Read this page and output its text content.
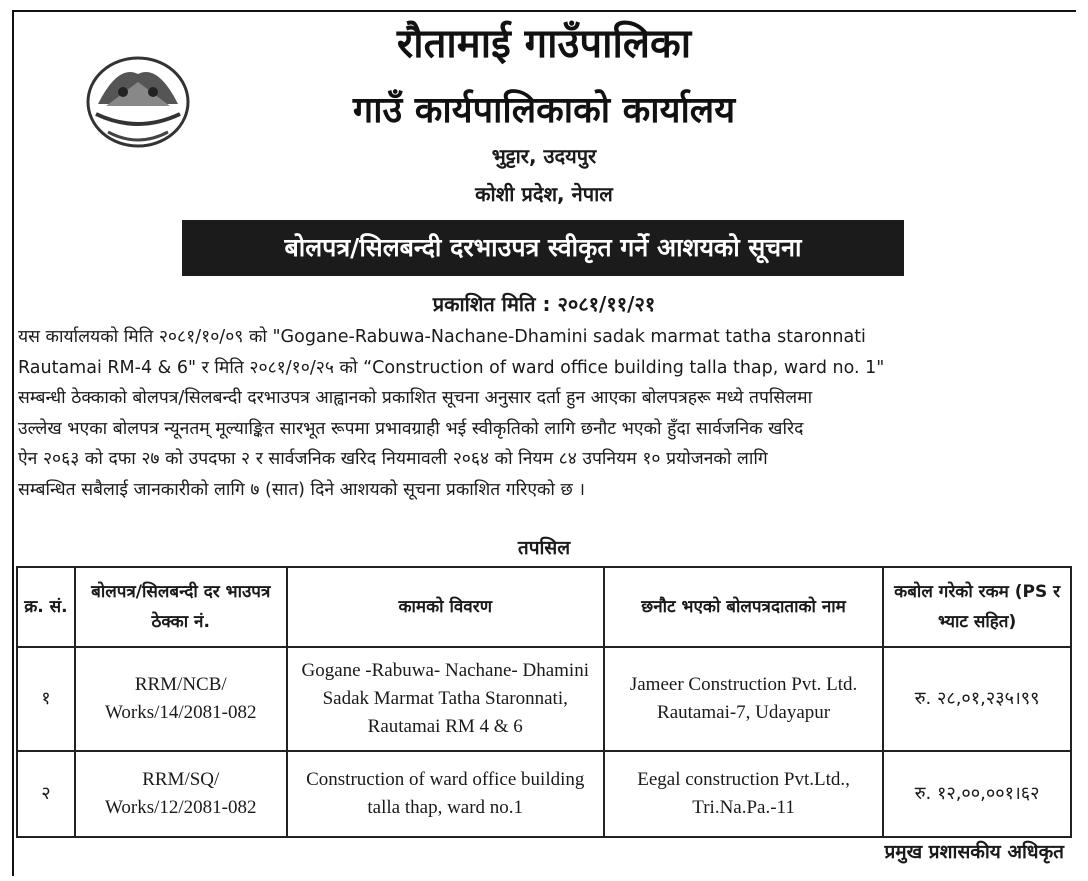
रौतामाई गाउँपालिका
गाउँ कार्यपालिकाको कार्यालय
भुट्टार, उदयपुर
कोशी प्रदेश, नेपाल
बोलपत्र/सिलबन्दी दरभाउपत्र स्वीकृत गर्ने आशयको सूचना
प्रकाशित मिति : २०८१/११/२१
यस कार्यालयको मिति २०८१/१०/०९ को "Gogane-Rabuwa-Nachane-Dhamini sadak marmat tatha staronnati
Rautamai RM-4 & 6" र मिति २०८१/१०/२५ को “Construction of ward office building talla thap, ward no. 1"
सम्बन्धी ठेक्काको बोलपत्र/सिलबन्दी दरभाउपत्र आह्वानको प्रकाशित सूचना अनुसार दर्ता हुन आएका बोलपत्रहरू मध्ये तपसिलमा
उल्लेख भएका बोलपत्र न्यूनतम् मूल्याङ्कित सारभूत रूपमा प्रभावग्राही भई स्वीकृतिको लागि छनौट भएको हुँदा सार्वजनिक खरिद
ऐन २०६३ को दफा २७ को उपदफा २ र सार्वजनिक खरिद नियमावली २०६४ को नियम ८४ उपनियम १० प्रयोजनको लागि
सम्बन्धित सबैलाई जानकारीको लागि ७ (सात) दिने आशयको सूचना प्रकाशित गरिएको छ ।
तपसिल
क्र. सं.	बोलपत्र/सिलबन्दी दर भाउपत्र ठेक्का नं.	कामको विवरण	छनौट भएको बोलपत्रदाताको नाम	कबोल गरेको रकम (PS र भ्याट सहित)
१	RRM/NCB/ Works/14/2081-082	Gogane -Rabuwa- Nachane- Dhamini Sadak Marmat Tatha Staronnati, Rautamai RM 4 & 6	Jameer Construction Pvt. Ltd. Rautamai-7, Udayapur	रु. २८,०१,२३५।९९
२	RRM/SQ/ Works/12/2081-082	Construction of ward office building talla thap, ward no.1	Eegal construction Pvt.Ltd., Tri.Na.Pa.-11	रु. १२,००,००१।६२
प्रमुख प्रशासकीय अधिकृत
